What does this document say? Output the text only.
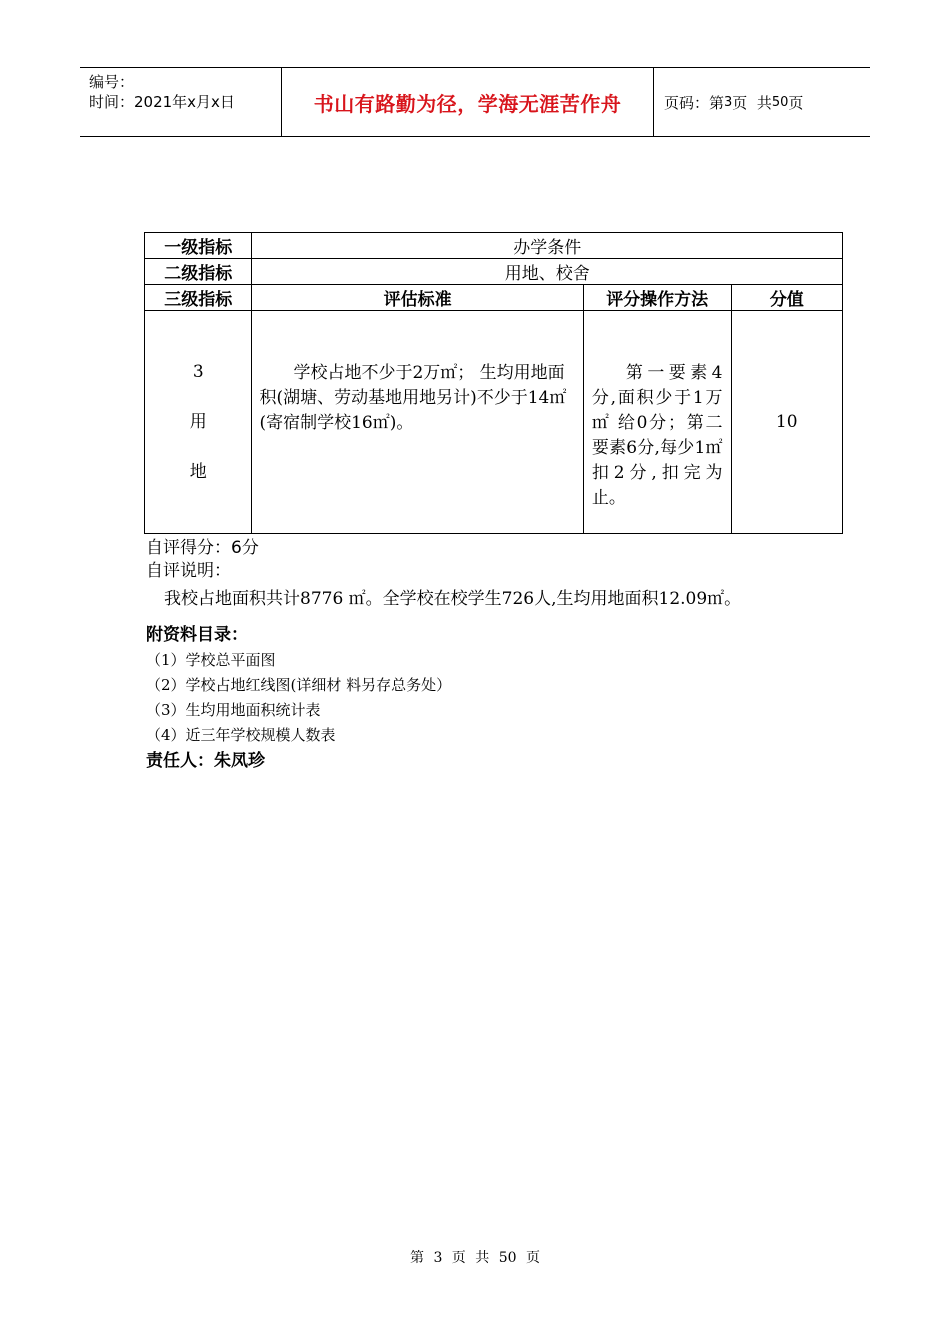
编号：
时间：2021年x月x日	书山有路勤为径，学海无涯苦作舟	页码：第 3 页  共 50 页
一级指标	办学条件		
二级指标	用地、校舍		
三级指标	评估标准	评分操作方法	分值

3
用
地	学校占地不少于2万㎡； 生均用地面积(湖塘、劳动基地用地另计)不少于14㎡(寄宿制学校16㎡)。	第一要素4分,面积少于1万㎡ 给0分；第二要素6分,每少1㎡ 扣2分,扣完为止。	10
自评得分：6分
自评说明：
我校占地面积共计8776 ㎡。全学校在校学生726人,生均用地面积12.09㎡。
附资料目录：
（1）学校总平面图
（2）学校占地红线图(详细材 料另存总务处）
（3）生均用地面积统计表
（4）近三年学校规模人数表
责任人：朱凤珍
第 3 页 共 50 页
